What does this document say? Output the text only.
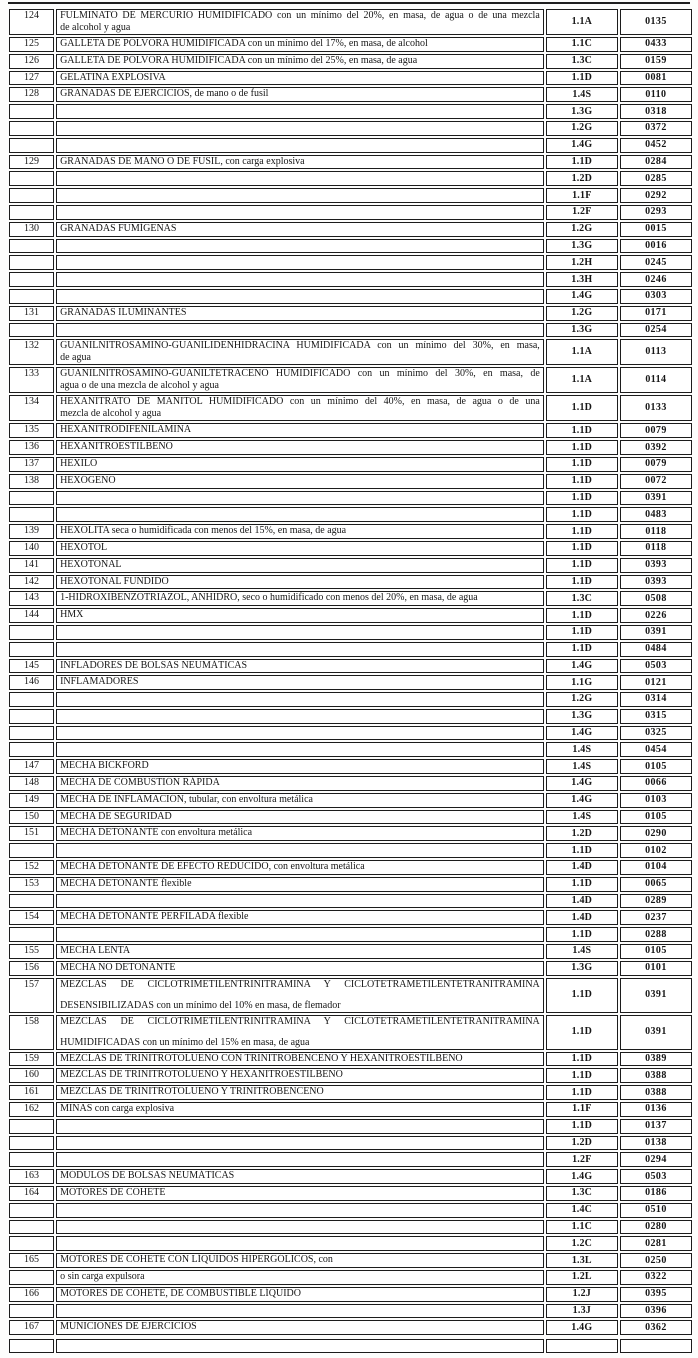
124	FULMINATO DE MERCURIO HUMIDIFICADO con un mínimo del 20%, en masa, de agua o de una mezcla
de alcohol y agua	1.1A	0135
125	GALLETA DE PÓLVORA HUMIDIFICADA con un mínimo del 17%, en masa, de alcohol	1.1C	0433
126	GALLETA DE PÓLVORA HUMIDIFICADA con un mínimo del 25%, en masa, de agua	1.3C	0159
127	GELATINA EXPLOSIVA	1.1D	0081
128	GRANADAS DE EJERCICIOS, de mano o de fusil	1.4S	0110
		1.3G	0318
		1.2G	0372
		1.4G	0452
129	GRANADAS DE MANO O DE FUSIL, con carga explosiva	1.1D	0284
		1.2D	0285
		1.1F	0292
		1.2F	0293
130	GRANADAS FUMÍGENAS	1.2G	0015
		1.3G	0016
		1.2H	0245
		1.3H	0246
		1.4G	0303
131	GRANADAS ILUMINANTES	1.2G	0171
		1.3G	0254
132	GUANILNITROSAMINO-GUANILIDENHIDRACINA HUMIDIFICADA con un mínimo del 30%, en masa,
de agua	1.1A	0113
133	GUANILNITROSAMINO-GUANILTETRACENO HUMIDIFICADO con un mínimo del 30%, en masa, de
agua o de una mezcla de alcohol y agua	1.1A	0114
134	HEXANITRATO DE MANITOL HUMIDIFICADO con un mínimo del 40%, en masa, de agua o de una
mezcla de alcohol y agua	1.1D	0133
135	HEXANITRODIFENILAMINA	1.1D	0079
136	HEXANITROESTILBENO	1.1D	0392
137	HEXILO	1.1D	0079
138	HEXÓGENO	1.1D	0072
		1.1D	0391
		1.1D	0483
139	HEXOLITA seca o humidificada con menos del 15%, en masa, de agua	1.1D	0118
140	HEXOTOL	1.1D	0118
141	HEXOTONAL	1.1D	0393
142	HEXOTONAL FUNDIDO	1.1D	0393
143	1-HIDROXIBENZOTRIAZOL, ANHIDRO, seco o humidificado con menos del 20%, en masa, de agua	1.3C	0508
144	HMX	1.1D	0226
		1.1D	0391
		1.1D	0484
145	INFLADORES DE BOLSAS NEUMÁTICAS	1.4G	0503
146	INFLAMADORES	1.1G	0121
		1.2G	0314
		1.3G	0315
		1.4G	0325
		1.4S	0454
147	MECHA BICKFORD	1.4S	0105
148	MECHA DE COMBUSTIÓN RÁPIDA	1.4G	0066
149	MECHA DE INFLAMACIÓN, tubular, con envoltura metálica	1.4G	0103
150	MECHA DE SEGURIDAD	1.4S	0105
151	MECHA DETONANTE con envoltura metálica	1.2D	0290
		1.1D	0102
152	MECHA DETONANTE DE EFECTO REDUCIDO, con envoltura metálica	1.4D	0104
153	MECHA DETONANTE flexible	1.1D	0065
		1.4D	0289
154	MECHA DETONANTE PERFILADA flexible	1.4D	0237
		1.1D	0288
155	MECHA LENTA	1.4S	0105
156	MECHA NO DETONANTE	1.3G	0101
157	MEZCLAS DE CICLOTRIMETILENTRINITRAMINA Y CICLOTETRAMETILENTETRANITRAMINA
DESENSIBILIZADAS con un mínimo del 10% en masa, de flemador	1.1D	0391
158	MEZCLAS DE CICLOTRIMETILENTRINITRAMINA Y CICLOTETRAMETILENTETRANITRAMINA
HUMIDIFICADAS con un mínimo del 15% en masa, de agua	1.1D	0391
159	MEZCLAS DE TRINITROTOLUENO CON TRINITROBENCENO Y HEXANITROESTILBENO	1.1D	0389
160	MEZCLAS DE TRINITROTOLUENO Y HEXANITROESTILBENO	1.1D	0388
161	MEZCLAS DE TRINITROTOLUENO Y TRINITROBENCENO	1.1D	0388
162	MINAS con carga explosiva	1.1F	0136
		1.1D	0137
		1.2D	0138
		1.2F	0294
163	MÓDULOS DE BOLSAS NEUMÁTICAS	1.4G	0503
164	MOTORES DE COHETE	1.3C	0186
		1.4C	0510
		1.1C	0280
		1.2C	0281
165	MOTORES DE COHETE CON LÍQUIDOS HIPERGÓLICOS, con	1.3L	0250
	o sin carga expulsora	1.2L	0322
166	MOTORES DE COHETE, DE COMBUSTIBLE LÍQUIDO	1.2J	0395
		1.3J	0396
167	MUNICIONES DE EJERCICIOS	1.4G	0362
